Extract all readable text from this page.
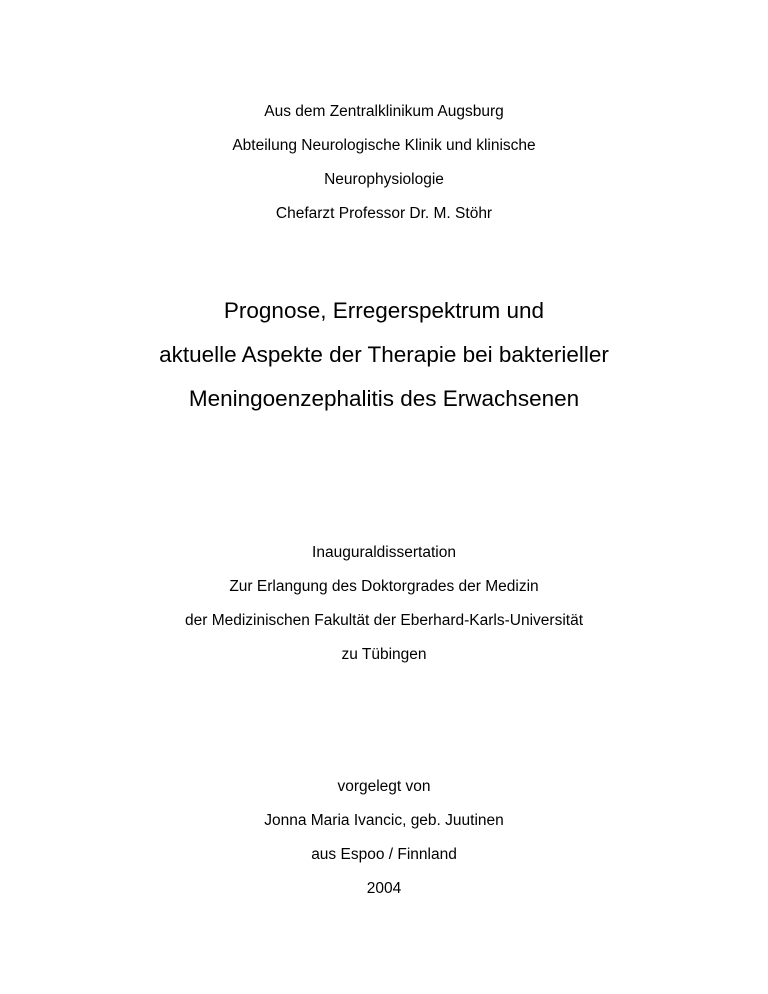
Aus dem Zentralklinikum Augsburg
Abteilung Neurologische Klinik und klinische
Neurophysiologie
Chefarzt Professor Dr. M. Stöhr
Prognose, Erregerspektrum und
aktuelle Aspekte der Therapie bei bakterieller
Meningoenzephalitis des Erwachsenen
Inauguraldissertation
Zur Erlangung des Doktorgrades der Medizin
der Medizinischen Fakultät der Eberhard-Karls-Universität
zu Tübingen
vorgelegt von
Jonna Maria Ivancic, geb. Juutinen
aus Espoo / Finnland
2004
